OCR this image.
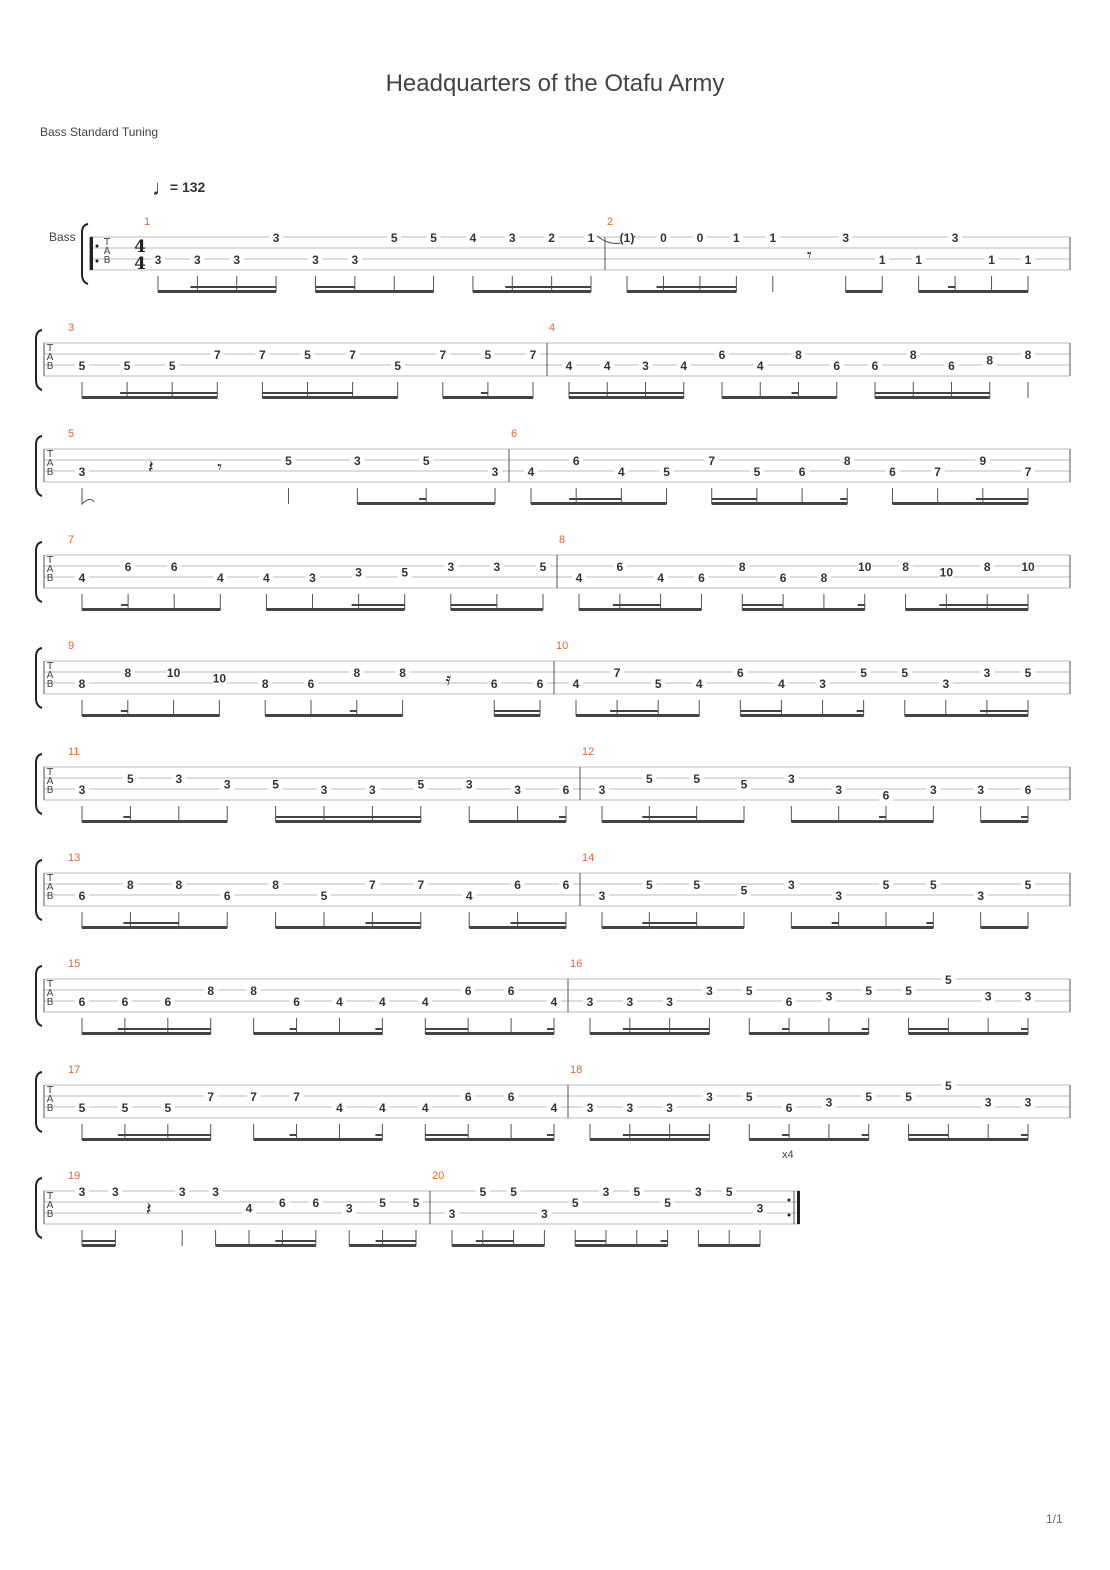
Headquarters of the Otafu Army
Bass Standard Tuning
♩ = 132
Bass
1/1
T
A
B
4
4
1
3	3	3
3
3	3
5	5	4	3	2	1
2
(1) 0 0 1 1
𝄾
3
1 1
3
1 1
T
A
B
3
5	5	5
7	7	5	7
5
7	5	7
4
4	4	3	4
6
4
8
6	6
8
6	8	8
T
A
B
5
3	𝄽	𝄾	5	3	5
3
6
4
6
4	5
7
5	6
8
6	7
9
7
T
A
B
7
4
6	6
4	4	3	3	5	3	3	5
8
4
6
4	6
8
6	8
10	8	10	8	10
T
A
B
9
8
8	10	10	8	6
8	8 𝄿	6	6
10
4
7
5	4
6
4	3
5	5
3
3	5
T
A
B
11
3
5	3	3	5	3	3	5	3	3	6
12
3
5	5	5	3
3	6	3	3	6
T
A
B
13
6
8	8
6
8
5
7	7
4
6	6
14
3
5	5	5	3
3
5	5
3
5
T
A
B
15
6	6	6
8	8
6	4	4	4
6	6
4
16
3	3	3
3	5
6	3	5	5
5
3	3
T
A
B
17
5	5	5
7	7	7
4	4	4
6	6
4
18
3	3	3
3	5
6	3	5	5
5
3	3
T
A
B
x4
19
3 3
𝄽
3 3
4 6 6 3 5 5
20
3
5 5
3
5
3 5
5
3 5
3
